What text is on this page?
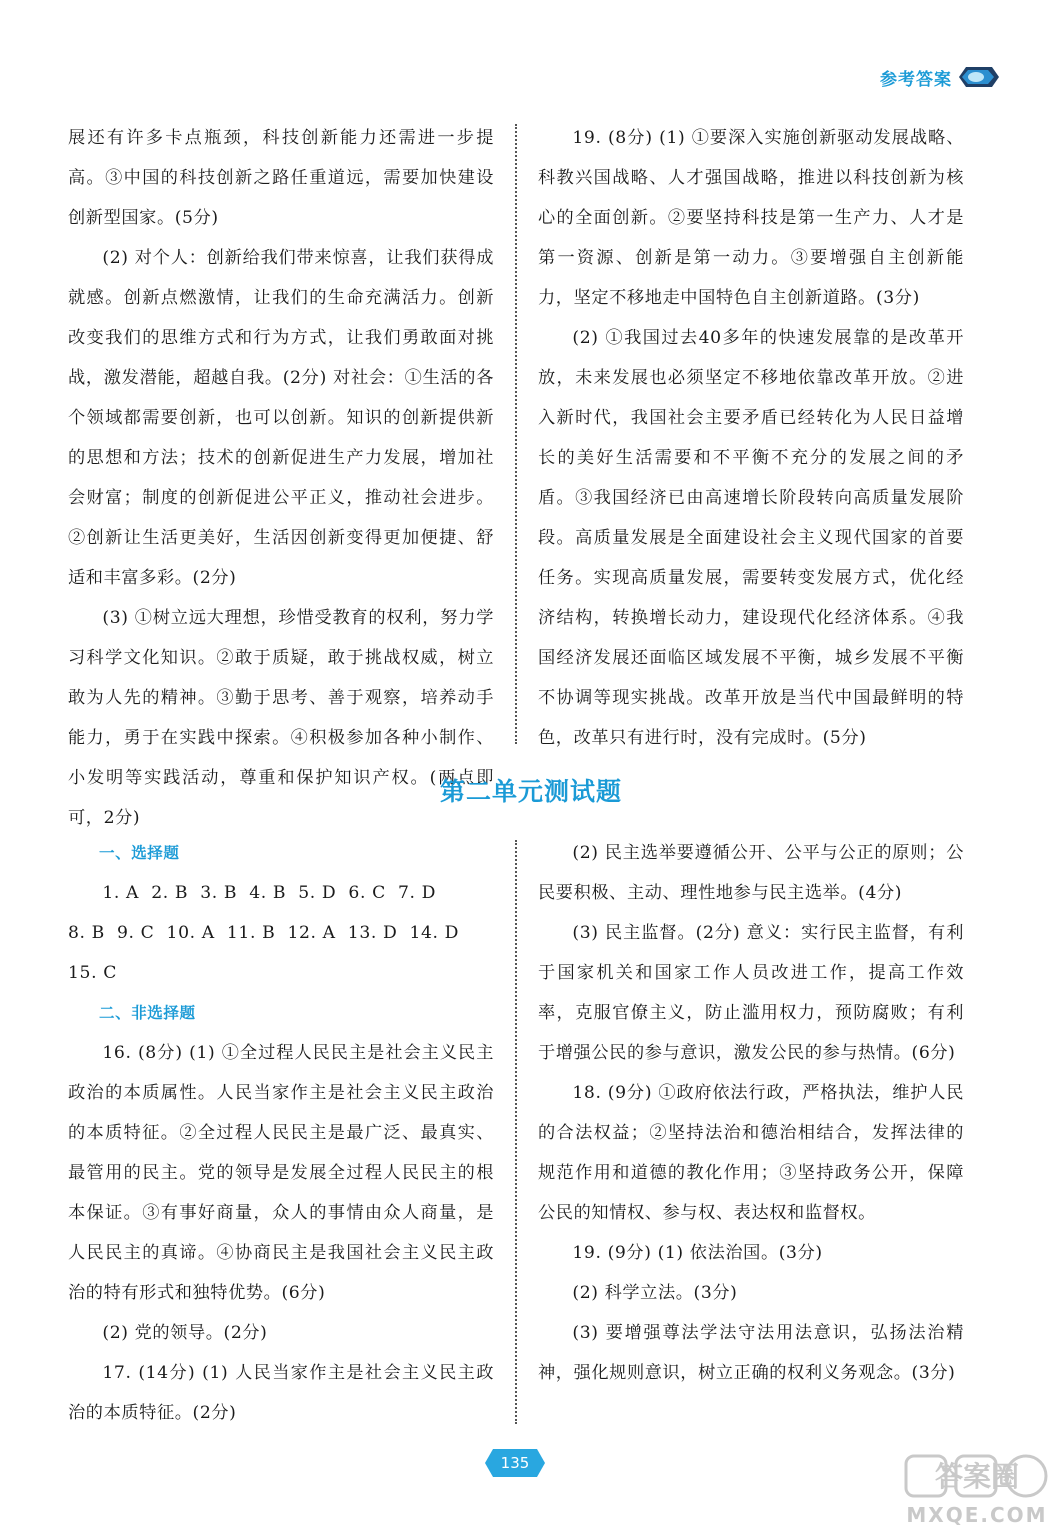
参考答案

展还有许多卡点瓶颈，科技创新能力还需进一步提高。③中国的科技创新之路任重道远，需要加快建设创新型国家。(5分)

(2) 对个人：创新给我们带来惊喜，让我们获得成就感。创新点燃激情，让我们的生命充满活力。创新改变我们的思维方式和行为方式，让我们勇敢面对挑战，激发潜能，超越自我。(2分) 对社会：①生活的各个领域都需要创新，也可以创新。知识的创新提供新的思想和方法；技术的创新促进生产力发展，增加社会财富；制度的创新促进公平正义，推动社会进步。②创新让生活更美好，生活因创新变得更加便捷、舒适和丰富多彩。(2分)

(3) ①树立远大理想，珍惜受教育的权利，努力学习科学文化知识。②敢于质疑，敢于挑战权威，树立敢为人先的精神。③勤于思考、善于观察，培养动手能力，勇于在实践中探索。④积极参加各种小制作、小发明等实践活动，尊重和保护知识产权。(两点即可，2分)

19. (8分) (1) ①要深入实施创新驱动发展战略、科教兴国战略、人才强国战略，推进以科技创新为核心的全面创新。②要坚持科技是第一生产力、人才是第一资源、创新是第一动力。③要增强自主创新能力，坚定不移地走中国特色自主创新道路。(3分)

(2) ①我国过去40多年的快速发展靠的是改革开放，未来发展也必须坚定不移地依靠改革开放。②进入新时代，我国社会主要矛盾已经转化为人民日益增长的美好生活需要和不平衡不充分的发展之间的矛盾。③我国经济已由高速增长阶段转向高质量发展阶段。高质量发展是全面建设社会主义现代国家的首要任务。实现高质量发展，需要转变发展方式，优化经济结构，转换增长动力，建设现代化经济体系。④我国经济发展还面临区域发展不平衡，城乡发展不平衡不协调等现实挑战。改革开放是当代中国最鲜明的特色，改革只有进行时，没有完成时。(5分)

第二单元测试题

一、选择题

1. A  2. B  3. B  4. B  5. D  6. C  7. D

8. B  9. C  10. A  11. B  12. A  13. D  14. D

15. C

二、非选择题

16. (8分) (1) ①全过程人民民主是社会主义民主政治的本质属性。人民当家作主是社会主义民主政治的本质特征。②全过程人民民主是最广泛、最真实、最管用的民主。党的领导是发展全过程人民民主的根本保证。③有事好商量，众人的事情由众人商量，是人民民主的真谛。④协商民主是我国社会主义民主政治的特有形式和独特优势。(6分)

(2) 党的领导。(2分)

17. (14分) (1) 人民当家作主是社会主义民主政治的本质特征。(2分)

(2) 民主选举要遵循公开、公平与公正的原则；公民要积极、主动、理性地参与民主选举。(4分)

(3) 民主监督。(2分) 意义：实行民主监督，有利于国家机关和国家工作人员改进工作，提高工作效率，克服官僚主义，防止滥用权力，预防腐败；有利于增强公民的参与意识，激发公民的参与热情。(6分)

18. (9分) ①政府依法行政，严格执法，维护人民的合法权益；②坚持法治和德治相结合，发挥法律的规范作用和道德的教化作用；③坚持政务公开，保障公民的知情权、参与权、表达权和监督权。

19. (9分) (1) 依法治国。(3分)

(2) 科学立法。(3分)

(3) 要增强尊法学法守法用法意识，弘扬法治精神，强化规则意识，树立正确的权利义务观念。(3分)

135	答案圈
MXQE.COM
